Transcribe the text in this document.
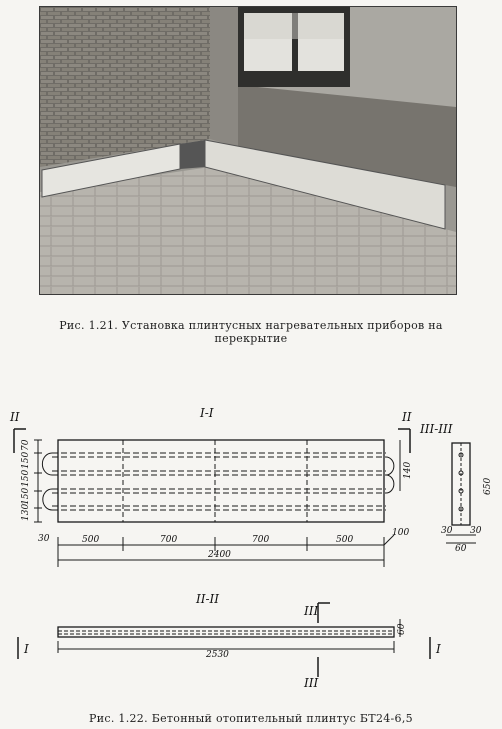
Рис. 1.21. Установка плинтусных нагревательных приборов на
перекрытие
I-I
III-III
II-II
II	II
I	I
III
III
70
150
150
150
130
140
30	500	700	700	500
100
2400
650
30 30
60
2530
60
Рис. 1.22. Бетонный отопительный плинтус БТ24-6,5
